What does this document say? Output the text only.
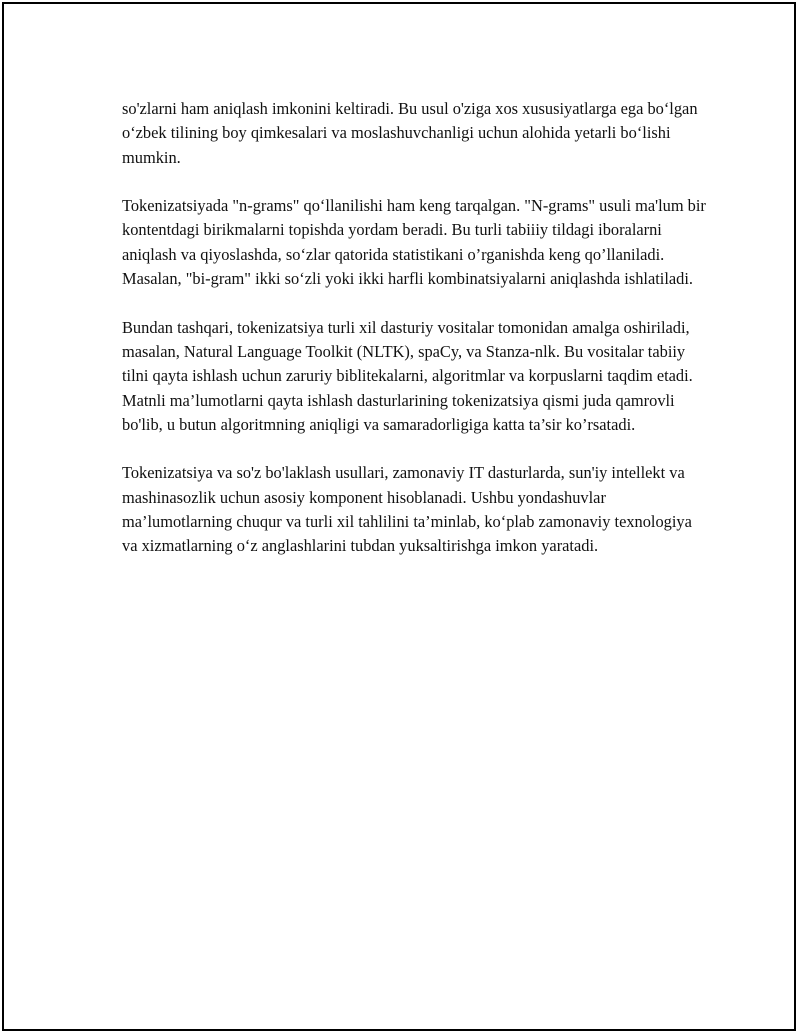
so'zlarni ham aniqlash imkonini keltiradi. Bu usul o'ziga xos xususiyatlarga ega bo‘lgan o‘zbek tilining boy qimkesalari va moslashuvchanligi uchun alohida yetarli bo‘lishi mumkin.

Tokenizatsiyada "n-grams" qo‘llanilishi ham keng tarqalgan. "N-grams" usuli ma'lum bir kontentdagi birikmalarni topishda yordam beradi. Bu turli tabiiiy tildagi iboralarni aniqlash va qiyoslashda, so‘zlar qatorida statistikani o’rganishda keng qo’llaniladi. Masalan, "bi-gram" ikki so‘zli yoki ikki harfli kombinatsiyalarni aniqlashda ishlatiladi.

Bundan tashqari, tokenizatsiya turli xil dasturiy vositalar tomonidan amalga oshiriladi, masalan, Natural Language Toolkit (NLTK), spaCy, va Stanza-nlk. Bu vositalar tabiiy tilni qayta ishlash uchun zaruriy biblitekalarni, algoritmlar va korpuslarni taqdim etadi. Matnli ma’lumotlarni qayta ishlash dasturlarining tokenizatsiya qismi juda qamrovli bo'lib, u butun algoritmning aniqligi va samaradorligiga katta ta’sir ko’rsatadi.

Tokenizatsiya va so'z bo'laklash usullari, zamonaviy IT dasturlarda, sun'iy intellekt va mashinasozlik uchun asosiy komponent hisoblanadi. Ushbu yondashuvlar ma’lumotlarning chuqur va turli xil tahlilini ta’minlab, ko‘plab zamonaviy texnologiya va xizmatlarning o‘z anglashlarini tubdan yuksaltirishga imkon yaratadi.
